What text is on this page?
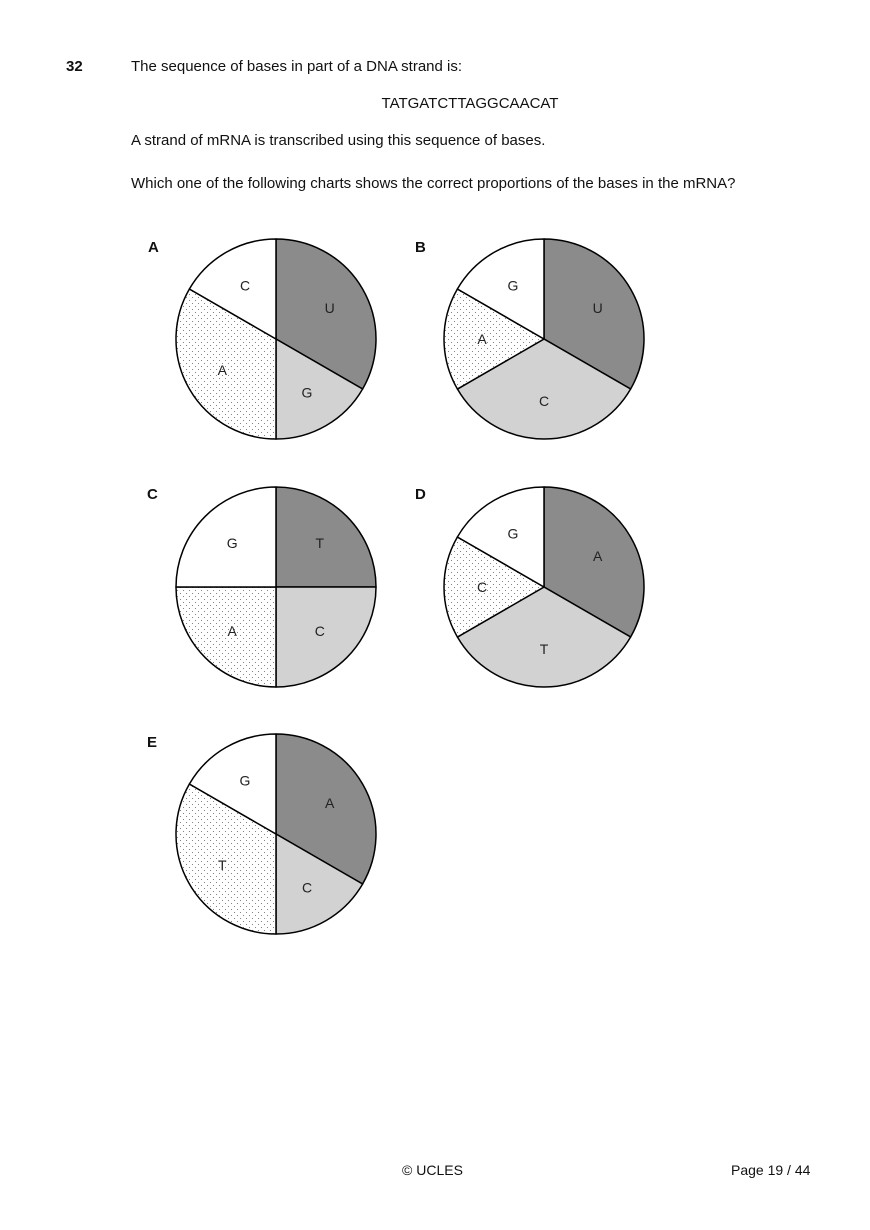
32	The sequence of bases in part of a DNA strand is:
TATGATCTTAGGCAACAT
A strand of mRNA is transcribed using this sequence of bases.
Which one of the following charts shows the correct proportions of the bases in the mRNA?
A	B
C	D
E
U
G
A
C
U
C
A
G
T
C
A
G
A
T
C
G
A
C
T
G
© UCLES	Page 19 / 44
